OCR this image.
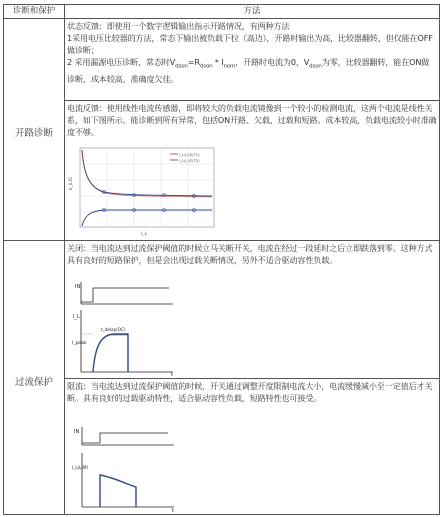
诊断和保护	方法
开路诊断

状态反馈：即使用一个数字逻辑输出指示开路情况，有两种方法

1采用电压比较器的方法，常态下输出被负载下拉（高边），开路时输出为高，比较器翻转，但仅能在OFF做诊断；

2 采用漏源电压诊断，常态时$V_{dson}=R_{dson} * I_{nom}$，开路时电流为0，$V_{dson}$为零，比较器翻转，能在ON做诊断，成本较高，准确度欠佳。

电流反馈：使用线性电流传感器，即将较大的负载电流镜像到一个较小的检测电流，这两个电流是线性关系，如下图所示。能诊断到所有异常，包括ON开路、欠载、过载和短路。成本较高，负载电流较小时准确度不够。

I_L/I_IS(T1)
I_L/I_IS(T2)
I_L
k_ILIS
过流保护

关闭：当电流达到过流保护阈值的时候立马关断开关，电流在经过一段延时之后立即跌落到零。这种方式具有良好的短路保护，但是会出现过载关断情况，另外不适合驱动容性负载。

IN
I_L
I_peak
t_delay(OC)
t

限流：当电流达到过流保护阈值的时候，开关通过调整开度限制电流大小，电流缓慢减小至一定值后才关断。具有良好的过载驱动特性，适合驱动容性负载，短路特性也可接受。

IN
I_L(LIM)
t
